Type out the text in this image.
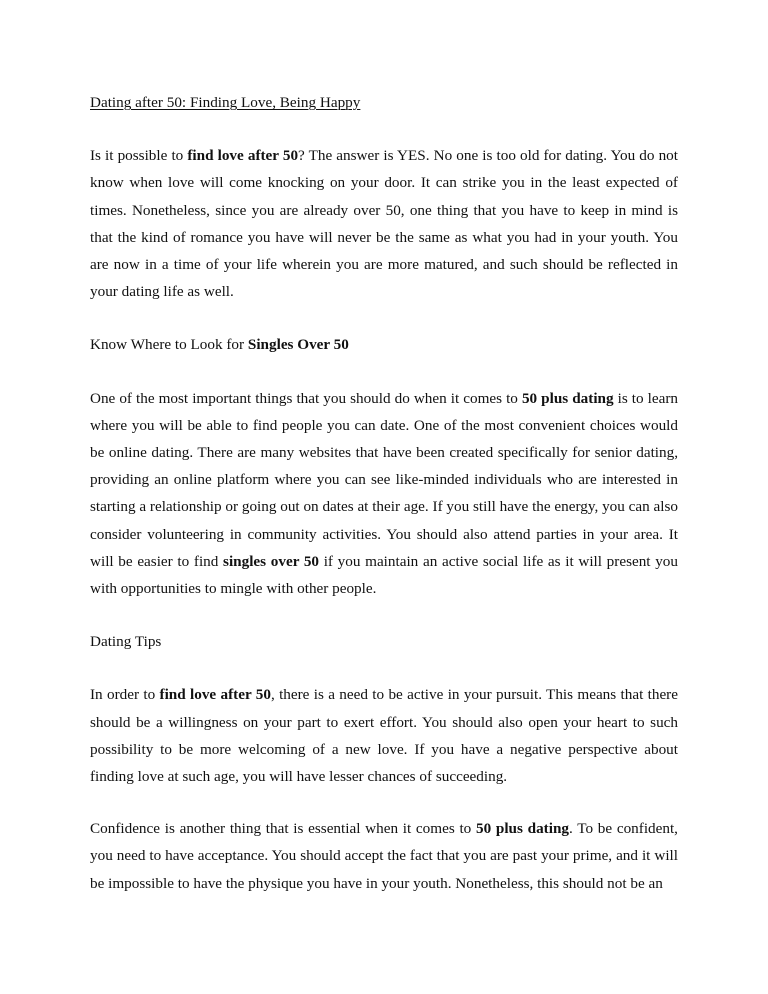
Dating after 50: Finding Love, Being Happy

Is it possible to find love after 50? The answer is YES. No one is too old for dating. You do not know when love will come knocking on your door. It can strike you in the least expected of times. Nonetheless, since you are already over 50, one thing that you have to keep in mind is that the kind of romance you have will never be the same as what you had in your youth. You are now in a time of your life wherein you are more matured, and such should be reflected in your dating life as well.

Know Where to Look for Singles Over 50

One of the most important things that you should do when it comes to 50 plus dating is to learn where you will be able to find people you can date. One of the most convenient choices would be online dating. There are many websites that have been created specifically for senior dating, providing an online platform where you can see like-minded individuals who are interested in starting a relationship or going out on dates at their age. If you still have the energy, you can also consider volunteering in community activities. You should also attend parties in your area. It will be easier to find singles over 50 if you maintain an active social life as it will present you with opportunities to mingle with other people.

Dating Tips

In order to find love after 50, there is a need to be active in your pursuit. This means that there should be a willingness on your part to exert effort. You should also open your heart to such possibility to be more welcoming of a new love. If you have a negative perspective about finding love at such age, you will have lesser chances of succeeding.

Confidence is another thing that is essential when it comes to 50 plus dating. To be confident, you need to have acceptance. You should accept the fact that you are past your prime, and it will be impossible to have the physique you have in your youth. Nonetheless, this should not be an
